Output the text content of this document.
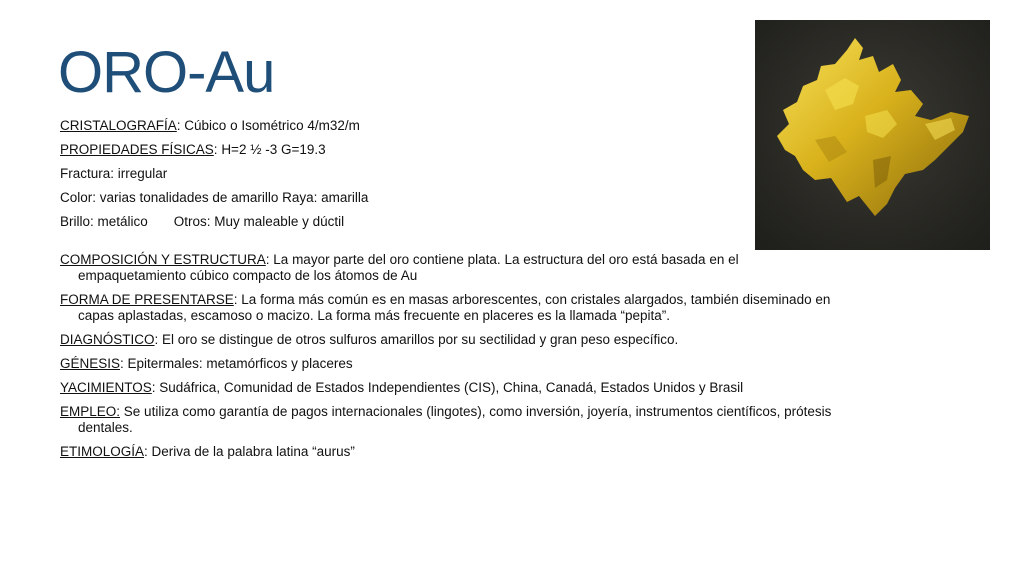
ORO-Au

CRISTALOGRAFÍA: Cúbico o Isométrico 4/m32/m

PROPIEDADES FÍSICAS: H=2 ½ -3 G=19.3

Fractura: irregular

Color: varias tonalidades de amarillo Raya: amarilla

Brillo: metálico Otros: Muy maleable y dúctil

COMPOSICIÓN Y ESTRUCTURA: La mayor parte del oro contiene plata. La estructura del oro está basada en el empaquetamiento cúbico compacto de los átomos de Au

FORMA DE PRESENTARSE: La forma más común es en masas arborescentes, con cristales alargados, también diseminado en capas aplastadas, escamoso o macizo. La forma más frecuente en placeres es la llamada “pepita”.

DIAGNÓSTICO: El oro se distingue de otros sulfuros amarillos por su sectilidad y gran peso específico.

GÉNESIS: Epitermales: metamórficos y placeres

YACIMIENTOS: Sudáfrica, Comunidad de Estados Independientes (CIS), China, Canadá, Estados Unidos y Brasil

EMPLEO: Se utiliza como garantía de pagos internacionales (lingotes), como inversión, joyería, instrumentos científicos, prótesis dentales.

ETIMOLOGÍA: Deriva de la palabra latina “aurus”
